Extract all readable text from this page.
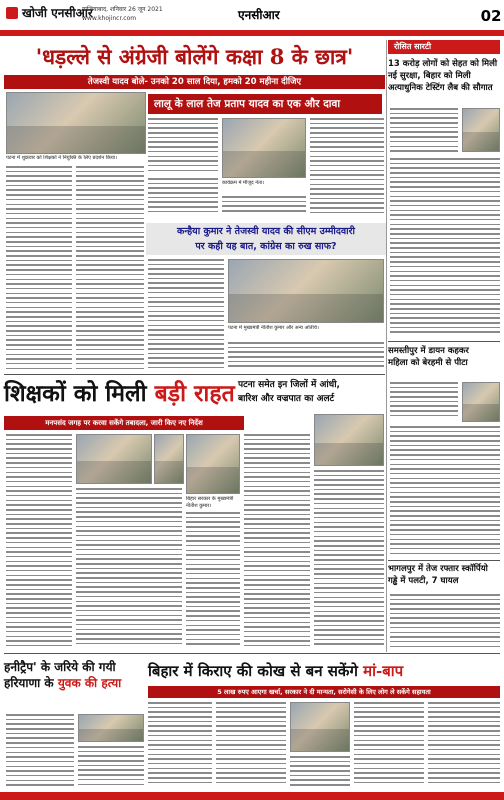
खोजी एनसीआर
गाजियाबाद, शनिवार 26 जून 2021
www.khojincr.com	एनसीआर	02
'धड़ल्ले से अंग्रेजी बोलेंगे कक्षा 8 के छात्र'
तेजस्वी यादव बोले- उनको 20 साल दिया, हमको 20 महीना दीजिए
पटना में शुक्रवार को शिक्षकों ने नियुक्ति के लिए प्रदर्शन किया।
लालू के लाल तेज प्रताप यादव का एक और दावा
कार्यक्रम में मौजूद नेता।
कन्हैया कुमार ने तेजस्वी यादव की सीएम उम्मीदवारी
पर कही यह बात, कांग्रेस का रुख साफ?
पटना में मुख्यमंत्री नीतीश कुमार और अन्य अतिथि।
शिक्षकों को मिली बड़ी राहत पटना समेत इन जिलों में आंधी,
बारिश और वज्रपात का अलर्ट
मनपसंद जगह पर करवा सकेंगे तबादला, जारी किए नए निर्देश
बिहार सरकार के मुख्यमंत्री नीतीश कुमार।
हनीट्रैप' के जरिये की गयी
हरियाणा के युवक की हत्या
बिहार में किराए की कोख से बन सकेंगे मां-बाप
5 लाख रुपए आएगा खर्चा, सरकार ने दी मान्यता, सरोगेसी के लिए लोग ले सकेंगे सहायता
रोसित सारटी
13 करोड़ लोगों को सेहत को मिली नई सुरक्षा, बिहार को मिली अत्याधुनिक टेस्टिंग लैब की सौगात
समस्तीपुर में डायन कहकर
महिला को बेरहमी से पीटा
भागलपुर में तेज रफ्तार स्कॉर्पियो गड्ढे में पलटी, 7 घायल
